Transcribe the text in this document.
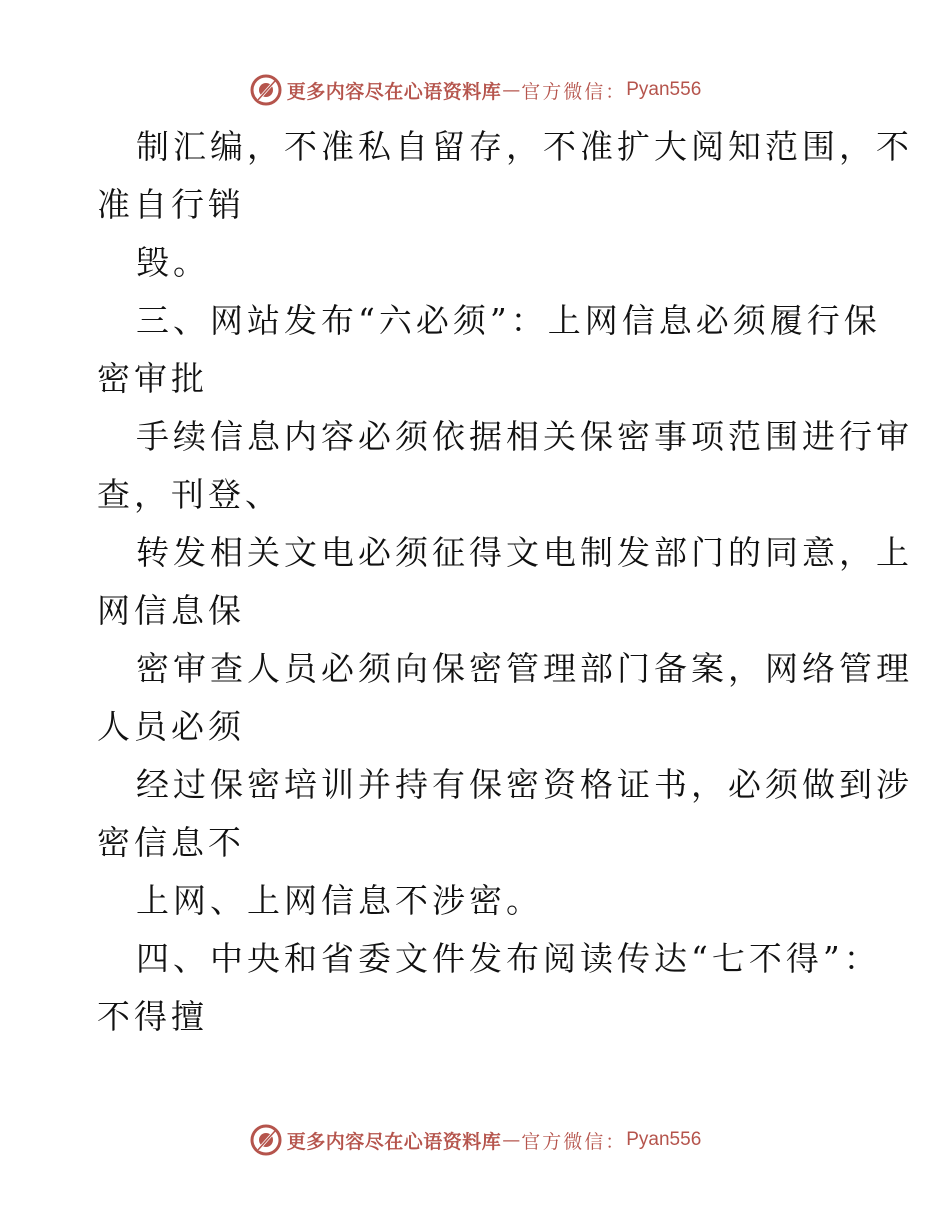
更多内容尽在心语资料库 — 官方微信： Pyan556
制汇编，不准私自留存，不准扩大阅知范围，不
准自行销
毁。
三、网站发布“六必须”：上网信息必须履行保
密审批
手续信息内容必须依据相关保密事项范围进行审
查，刊登、
转发相关文电必须征得文电制发部门的同意，上
网信息保
密审查人员必须向保密管理部门备案，网络管理
人员必须
经过保密培训并持有保密资格证书，必须做到涉
密信息不
上网、上网信息不涉密。
四、中央和省委文件发布阅读传达“七不得”：
不得擅
更多内容尽在心语资料库 — 官方微信： Pyan556
